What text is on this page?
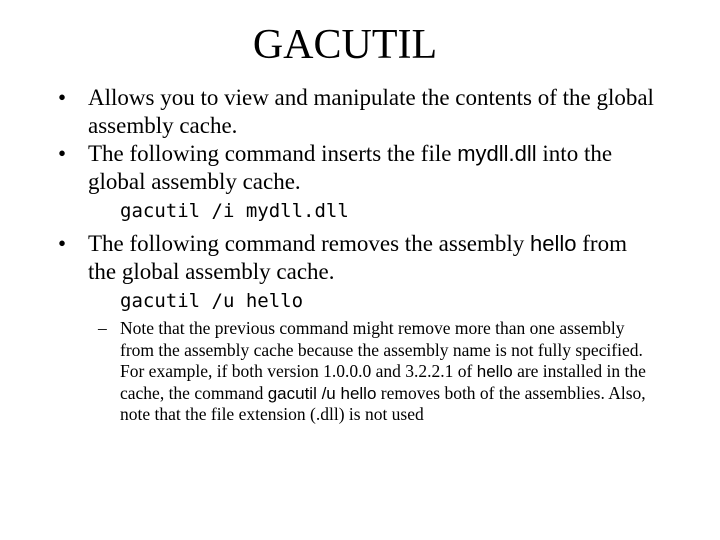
GACUTIL
• Allows you to view and manipulate the contents of the global assembly cache.
• The following command inserts the file mydll.dll into the global assembly cache.
gacutil /i mydll.dll
• The following command removes the assembly hello from the global assembly cache.
gacutil /u hello
– Note that the previous command might remove more than one assembly from the assembly cache because the assembly name is not fully specified. For example, if both version 1.0.0.0 and 3.2.2.1 of hello are installed in the cache, the command gacutil /u hello removes both of the assemblies. Also, note that the file extension (.dll) is not used
